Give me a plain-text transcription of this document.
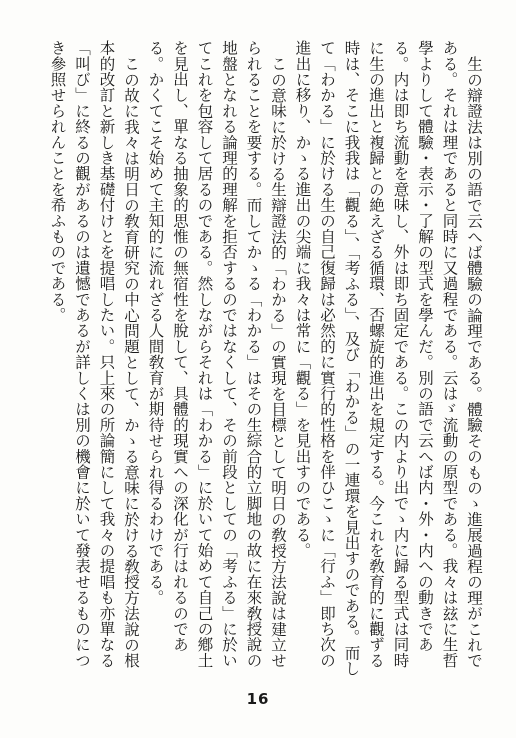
生の辯證法は別の語で云へば體驗の論理である。體驗そのものゝ進展過程の理がこれである。それは理であると同時に又過程である。云はゞ流動の原型である。我々は玆に生哲學よりして體驗・表示・了解の型式を學んだ。別の語で云へば内・外・内への動きである。内は即ち流動を意味し、外は即ち固定である。この内より出でゝ内に歸る型式は同時に生の進出と複歸との絶えざる循環、否螺旋的進出を規定する。今これを敎育的に觀ずる時は、そこに我我は「觀る」、「考ふる」、及び「わかる」の一連環を見出すのである。而して「わかる」に於ける生の自己復歸は必然的に實行的性格を伴ひこゝに「行ふ」即ち次の進出に移り、かゝる進出の尖端に我々は常に「觀る」を見出すのである。

この意味に於ける生辯證法的「わかる」の實現を目標として明日の敎授方法說は建立せられることを要する。而してかゝる「わかる」はその生綜合的立脚地の故に在來敎授說の地盤となれる論理的理解を拒否するのではなくして、その前段としての「考ふる」に於いてこれを包容して居るのである。然しながらそれは「わかる」に於いて始めて自己の鄕土を見出し、單なる抽象的思惟の無宿性を脫して、具體的現實への深化が行はれるのである。かくてこそ始めて主知的に流れざる人間敎育が期待せられ得るわけである。

この故に我々は明日の敎育研究の中心問題として、かゝる意味に於ける敎授方法說の根本的改訂と新しき基礎付けとを提唱したい。只上來の所論簡にして我々の提唱も亦單なる「叫び」に終るの觀があるのは遺憾であるが詳しくは別の機會に於いて發表せるものにつき參照せられんことを希ふものである。

16
